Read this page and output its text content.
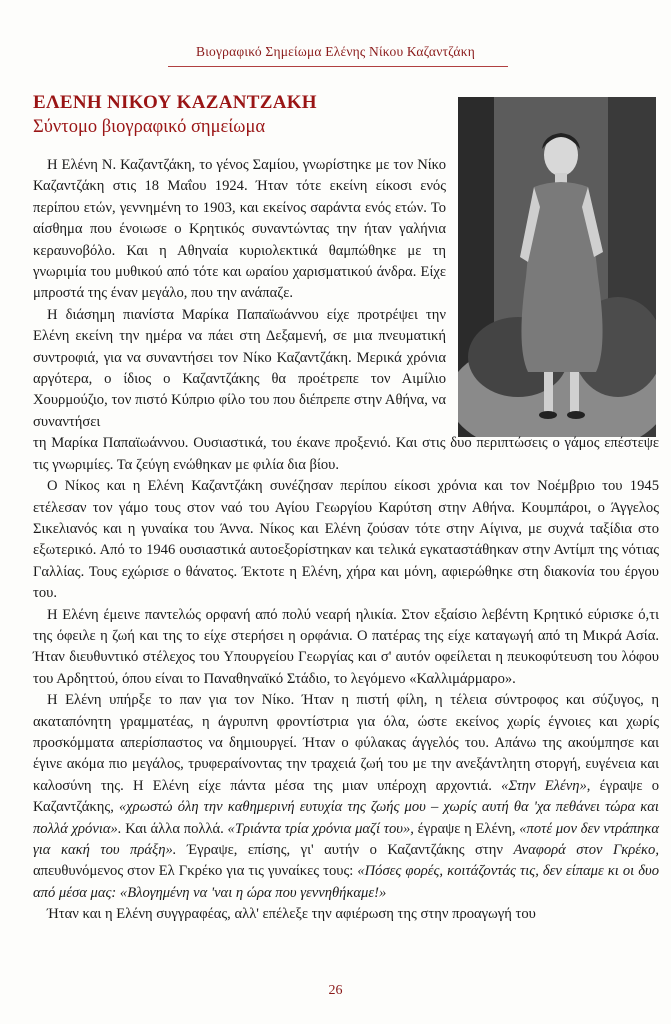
Βιογραφικό Σημείωμα Ελένης Νίκου Καζαντζάκη
ΕΛΕΝΗ ΝΙΚΟΥ ΚΑΖΑΝΤΖΑΚΗ
Σύντομο βιογραφικό σημείωμα

Η Ελένη Ν. Καζαντζάκη, το γένος Σαμίου, γνωρίστηκε με τον Νίκο Καζαντζάκη στις 18 Μαΐου 1924. Ήταν τότε εκείνη είκοσι ενός περίπου ετών, γεννημένη το 1903, και εκείνος σαράντα ενός ετών. Το αίσθημα που ένοιωσε ο Κρητικός συναντώντας την ήταν γαλήνια κεραυνοβόλο. Και η Αθηναία κυριολεκτικά θαμπώθηκε με τη γνωριμία του μυθικού από τότε και ωραίου χαρισματικού άνδρα. Είχε μπροστά της έναν μεγάλο, που την ανάπαζε.

Η διάσημη πιανίστα Μαρίκα Παπαϊωάννου είχε προτρέψει την Ελένη εκείνη την ημέρα να πάει στη Δεξαμενή, σε μια πνευματική συντροφιά, για να συναντήσει τον Νίκο Καζαντζάκη. Μερικά χρόνια αργότερα, ο ίδιος ο Καζαντζάκης θα προέτρεπε τον Αιμίλιο Χουρμούζιο, τον πιστό Κύπριο φίλο του που διέπρεπε στην Αθήνα, να συναντήσει

τη Μαρίκα Παπαϊωάννου. Ουσιαστικά, του έκανε προξενιό. Και στις δυο περιπτώσεις ο γάμος επέστεψε τις γνωριμίες. Τα ζεύγη ενώθηκαν με φιλία δια βίου.

Ο Νίκος και η Ελένη Καζαντζάκη συνέζησαν περίπου είκοσι χρόνια και τον Νοέμβριο του 1945 ετέλεσαν τον γάμο τους στον ναό του Αγίου Γεωργίου Καρύτση στην Αθήνα. Κουμπάροι, ο Άγγελος Σικελιανός και η γυναίκα του Άννα. Νίκος και Ελένη ζούσαν τότε στην Αίγινα, με συχνά ταξίδια στο εξωτερικό. Από το 1946 ουσιαστικά αυτοεξορίστηκαν και τελικά εγκαταστάθηκαν στην Αντίμπ της νότιας Γαλλίας. Τους εχώρισε ο θάνατος. Έκτοτε η Ελένη, χήρα και μόνη, αφιερώθηκε στη διακονία του έργου του.

Η Ελένη έμεινε παντελώς ορφανή από πολύ νεαρή ηλικία. Στον εξαίσιο λεβέντη Κρητικό εύρισκε ό,τι της όφειλε η ζωή και της το είχε στερήσει η ορφάνια. Ο πατέρας της είχε καταγωγή από τη Μικρά Ασία. Ήταν διευθυντικό στέλεχος του Υπουργείου Γεωργίας και σ' αυτόν οφείλεται η πευκοφύτευση του λόφου του Αρδηττού, όπου είναι το Παναθηναϊκό Στάδιο, το λεγόμενο «Καλλιμάρμαρο».

Η Ελένη υπήρξε το παν για τον Νίκο. Ήταν η πιστή φίλη, η τέλεια σύντροφος και σύζυγος, η ακαταπόνητη γραμματέας, η άγρυπνη φροντίστρια για όλα, ώστε εκείνος χωρίς έγνοιες και χωρίς προσκόμματα απερίσπαστος να δημιουργεί. Ήταν ο φύλακας άγγελός του. Απάνω της ακούμπησε και έγινε ακόμα πιο μεγάλος, τρυφεραίνοντας την τραχειά ζωή του με την ανεξάντλητη στοργή, ευγένεια και καλοσύνη της. Η Ελένη είχε πάντα μέσα της μιαν υπέροχη αρχοντιά. «Στην Ελένη», έγραψε ο Καζαντζάκης, «χρωστώ όλη την καθημερινή ευτυχία της ζωής μου – χωρίς αυτή θα 'χα πεθάνει τώρα και πολλά χρόνια». Και άλλα πολλά. «Τριάντα τρία χρόνια μαζί του», έγραψε η Ελένη, «ποτέ μον δεν ντράπηκα για κακή του πράξη». Έγραψε, επίσης, γι' αυτήν ο Καζαντζάκης στην Αναφορά στον Γκρέκο, απευθυνόμενος στον Ελ Γκρέκο για τις γυναίκες τους: «Πόσες φορές, κοιτάζοντάς τις, δεν είπαμε κι οι δυο από μέσα μας: «Βλογημένη να 'ναι η ώρα που γεννηθήκαμε!»

Ήταν και η Ελένη συγγραφέας, αλλ' επέλεξε την αφιέρωση της στην προαγωγή του

26
